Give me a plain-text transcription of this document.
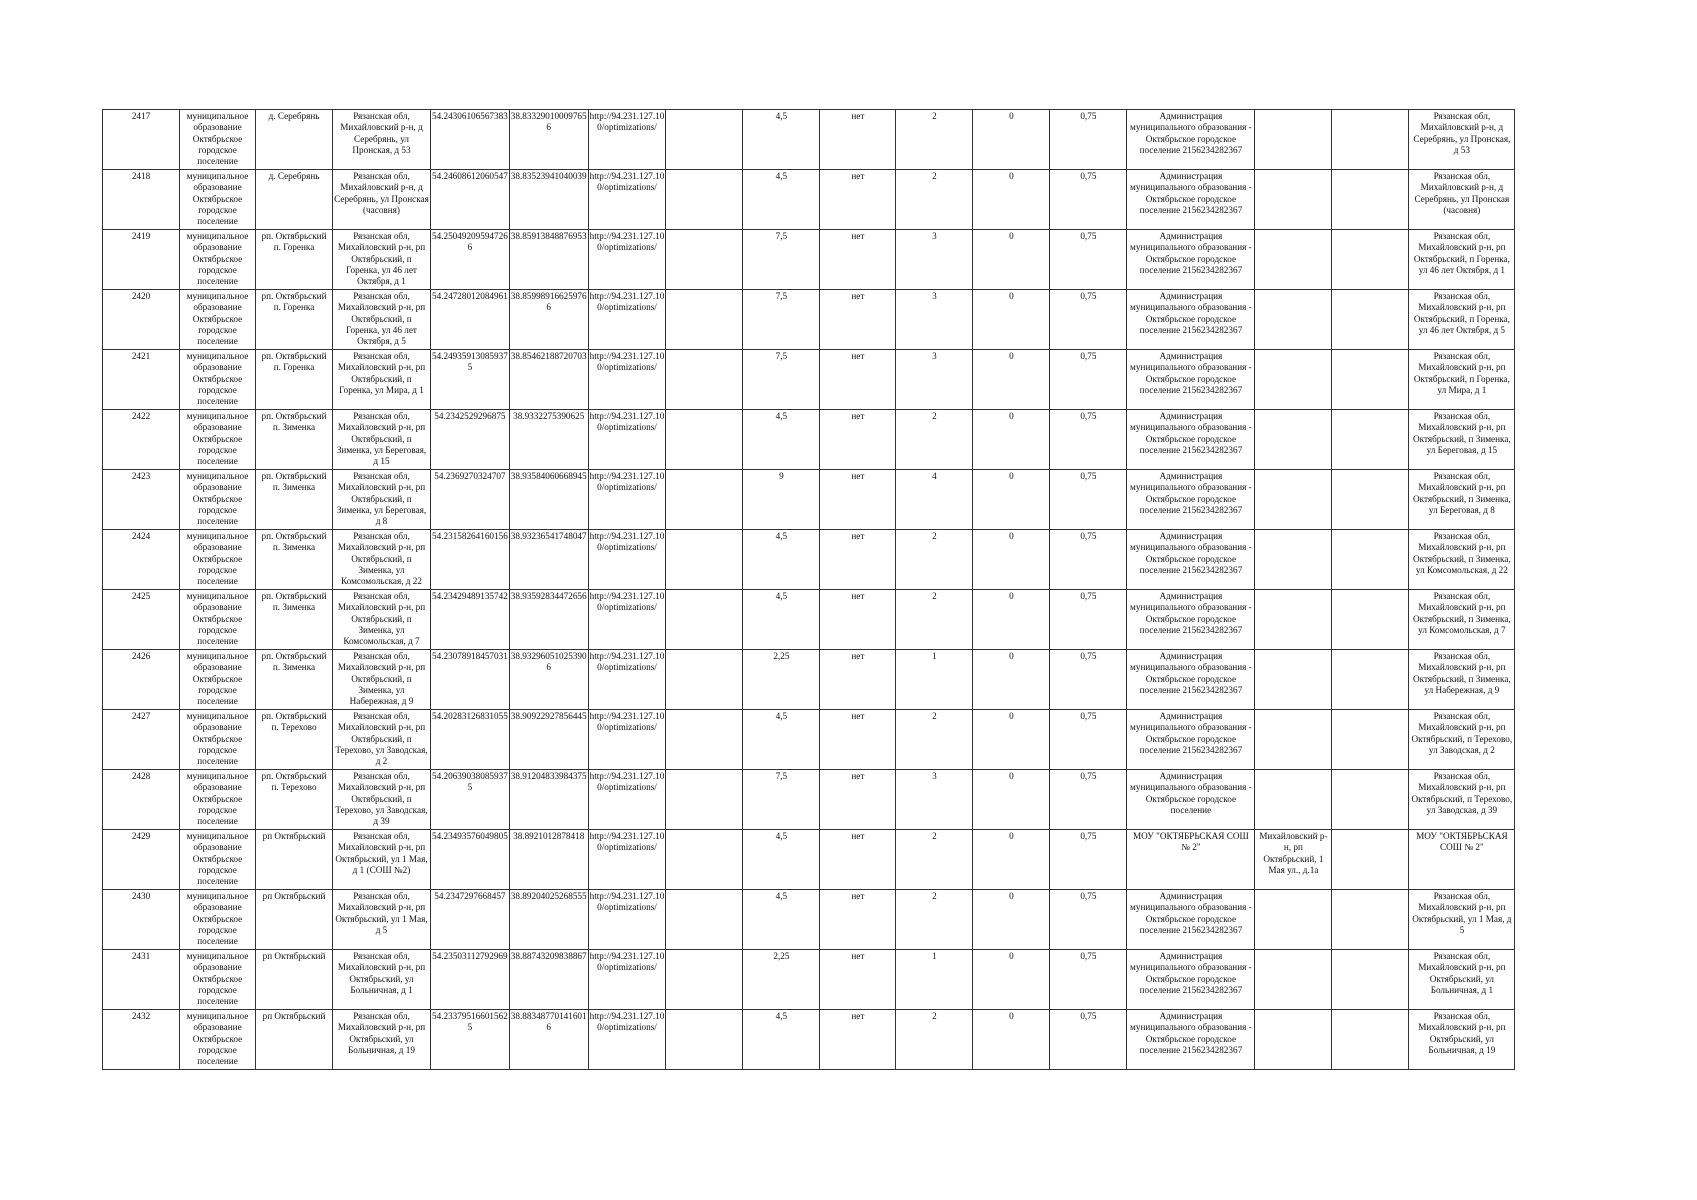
2417	муниципальное образование Октябрьское городское поселение	д. Серебрянь	Рязанская обл, Михайловский р-н, д Серебрянь, ул Пронская, д 53	54.24306106567383	38.83329010009765 6	http://94.231.127.10 0/optimizations/		4,5	нет	2	0	0,75	Администрация муниципального образования - Октябрьское городское поселение 2156234282367			Рязанская обл, Михайловский р-н, д Серебрянь, ул Пронская, д 53
2418	муниципальное образование Октябрьское городское поселение	д. Серебрянь	Рязанская обл, Михайловский р-н, д Серебрянь, ул Пронская (часовня)	54.24608612060547	38.83523941040039	http://94.231.127.10 0/optimizations/		4,5	нет	2	0	0,75	Администрация муниципального образования - Октябрьское городское поселение 2156234282367			Рязанская обл, Михайловский р-н, д Серебрянь, ул Пронская (часовня)
2419	муниципальное образование Октябрьское городское поселение	рп. Октябрьский п. Горенка	Рязанская обл, Михайловский р-н, рп Октябрьский, п Горенка, ул 46 лет Октября, д 1	54.25049209594726 6	38.85913848876953	http://94.231.127.10 0/optimizations/		7,5	нет	3	0	0,75	Администрация муниципального образования - Октябрьское городское поселение 2156234282367			Рязанская обл, Михайловский р-н, рп Октябрьский, п Горенка, ул 46 лет Октября, д 1
2420	муниципальное образование Октябрьское городское поселение	рп. Октябрьский п. Горенка	Рязанская обл, Михайловский р-н, рп Октябрьский, п Горенка, ул 46 лет Октября, д 5	54.24728012084961	38.85998916625976 6	http://94.231.127.10 0/optimizations/		7,5	нет	3	0	0,75	Администрация муниципального образования - Октябрьское городское поселение 2156234282367			Рязанская обл, Михайловский р-н, рп Октябрьский, п Горенка, ул 46 лет Октября, д 5
2421	муниципальное образование Октябрьское городское поселение	рп. Октябрьский п. Горенка	Рязанская обл, Михайловский р-н, рп Октябрьский, п Горенка, ул Мира, д 1	54.24935913085937 5	38.85462188720703	http://94.231.127.10 0/optimizations/		7,5	нет	3	0	0,75	Администрация муниципального образования - Октябрьское городское поселение 2156234282367			Рязанская обл, Михайловский р-н, рп Октябрьский, п Горенка, ул Мира, д 1
2422	муниципальное образование Октябрьское городское поселение	рп. Октябрьский п. Зименка	Рязанская обл, Михайловский р-н, рп Октябрьский, п Зименка, ул Береговая, д 15	54.2342529296875	38.9332275390625	http://94.231.127.10 0/optimizations/		4,5	нет	2	0	0,75	Администрация муниципального образования - Октябрьское городское поселение 2156234282367			Рязанская обл, Михайловский р-н, рп Октябрьский, п Зименка, ул Береговая, д 15
2423	муниципальное образование Октябрьское городское поселение	рп. Октябрьский п. Зименка	Рязанская обл, Михайловский р-н, рп Октябрьский, п Зименка, ул Береговая, д 8	54.2369270324707	38.93584060668945	http://94.231.127.10 0/optimizations/		9	нет	4	0	0,75	Администрация муниципального образования - Октябрьское городское поселение 2156234282367			Рязанская обл, Михайловский р-н, рп Октябрьский, п Зименка, ул Береговая, д 8
2424	муниципальное образование Октябрьское городское поселение	рп. Октябрьский п. Зименка	Рязанская обл, Михайловский р-н, рп Октябрьский, п Зименка, ул Комсомольская, д 22	54.23158264160156	38.93236541748047	http://94.231.127.10 0/optimizations/		4,5	нет	2	0	0,75	Администрация муниципального образования - Октябрьское городское поселение 2156234282367			Рязанская обл, Михайловский р-н, рп Октябрьский, п Зименка, ул Комсомольская, д 22
2425	муниципальное образование Октябрьское городское поселение	рп. Октябрьский п. Зименка	Рязанская обл, Михайловский р-н, рп Октябрьский, п Зименка, ул Комсомольская, д 7	54.23429489135742	38.93592834472656	http://94.231.127.10 0/optimizations/		4,5	нет	2	0	0,75	Администрация муниципального образования - Октябрьское городское поселение 2156234282367			Рязанская обл, Михайловский р-н, рп Октябрьский, п Зименка, ул Комсомольская, д 7
2426	муниципальное образование Октябрьское городское поселение	рп. Октябрьский п. Зименка	Рязанская обл, Михайловский р-н, рп Октябрьский, п Зименка, ул Набережная, д 9	54.23078918457031	38.93296051025390 6	http://94.231.127.10 0/optimizations/		2,25	нет	1	0	0,75	Администрация муниципального образования - Октябрьское городское поселение 2156234282367			Рязанская обл, Михайловский р-н, рп Октябрьский, п Зименка, ул Набережная, д 9
2427	муниципальное образование Октябрьское городское поселение	рп. Октябрьский п. Терехово	Рязанская обл, Михайловский р-н, рп Октябрьский, п Терехово, ул Заводская, д 2	54.20283126831055	38.90922927856445	http://94.231.127.10 0/optimizations/		4,5	нет	2	0	0,75	Администрация муниципального образования - Октябрьское городское поселение 2156234282367			Рязанская обл, Михайловский р-н, рп Октябрьский, п Терехово, ул Заводская, д 2
2428	муниципальное образование Октябрьское городское поселение	рп. Октябрьский п. Терехово	Рязанская обл, Михайловский р-н, рп Октябрьский, п Терехово, ул Заводская, д 39	54.20639038085937 5	38.91204833984375	http://94.231.127.10 0/optimizations/		7,5	нет	3	0	0,75	Администрация муниципального образования - Октябрьское городское поселение			Рязанская обл, Михайловский р-н, рп Октябрьский, п Терехово, ул Заводская, д 39
2429	муниципальное образование Октябрьское городское поселение	рп Октябрьский	Рязанская обл, Михайловский р-н, рп Октябрьский, ул 1 Мая, д 1 (СОШ №2)	54.23493576049805	38.8921012878418	http://94.231.127.10 0/optimizations/		4,5	нет	2	0	0,75	МОУ "ОКТЯБРЬСКАЯ СОШ № 2"	Михайловский р-н, рп Октябрьский, 1 Мая ул., д.1а		МОУ "ОКТЯБРЬСКАЯ СОШ № 2"
2430	муниципальное образование Октябрьское городское поселение	рп Октябрьский	Рязанская обл, Михайловский р-н, рп Октябрьский, ул 1 Мая, д 5	54.2347297668457	38.89204025268555	http://94.231.127.10 0/optimizations/		4,5	нет	2	0	0,75	Администрация муниципального образования - Октябрьское городское поселение 2156234282367			Рязанская обл, Михайловский р-н, рп Октябрьский, ул 1 Мая, д 5
2431	муниципальное образование Октябрьское городское поселение	рп Октябрьский	Рязанская обл, Михайловский р-н, рп Октябрьский, ул Больничная, д 1	54.23503112792969	38.88743209838867	http://94.231.127.10 0/optimizations/		2,25	нет	1	0	0,75	Администрация муниципального образования - Октябрьское городское поселение 2156234282367			Рязанская обл, Михайловский р-н, рп Октябрьский, ул Больничная, д 1
2432	муниципальное образование Октябрьское городское поселение	рп Октябрьский	Рязанская обл, Михайловский р-н, рп Октябрьский, ул Больничная, д 19	54.23379516601562 5	38.88348770141601 6	http://94.231.127.10 0/optimizations/		4,5	нет	2	0	0,75	Администрация муниципального образования - Октябрьское городское поселение 2156234282367			Рязанская обл, Михайловский р-н, рп Октябрьский, ул Больничная, д 19
